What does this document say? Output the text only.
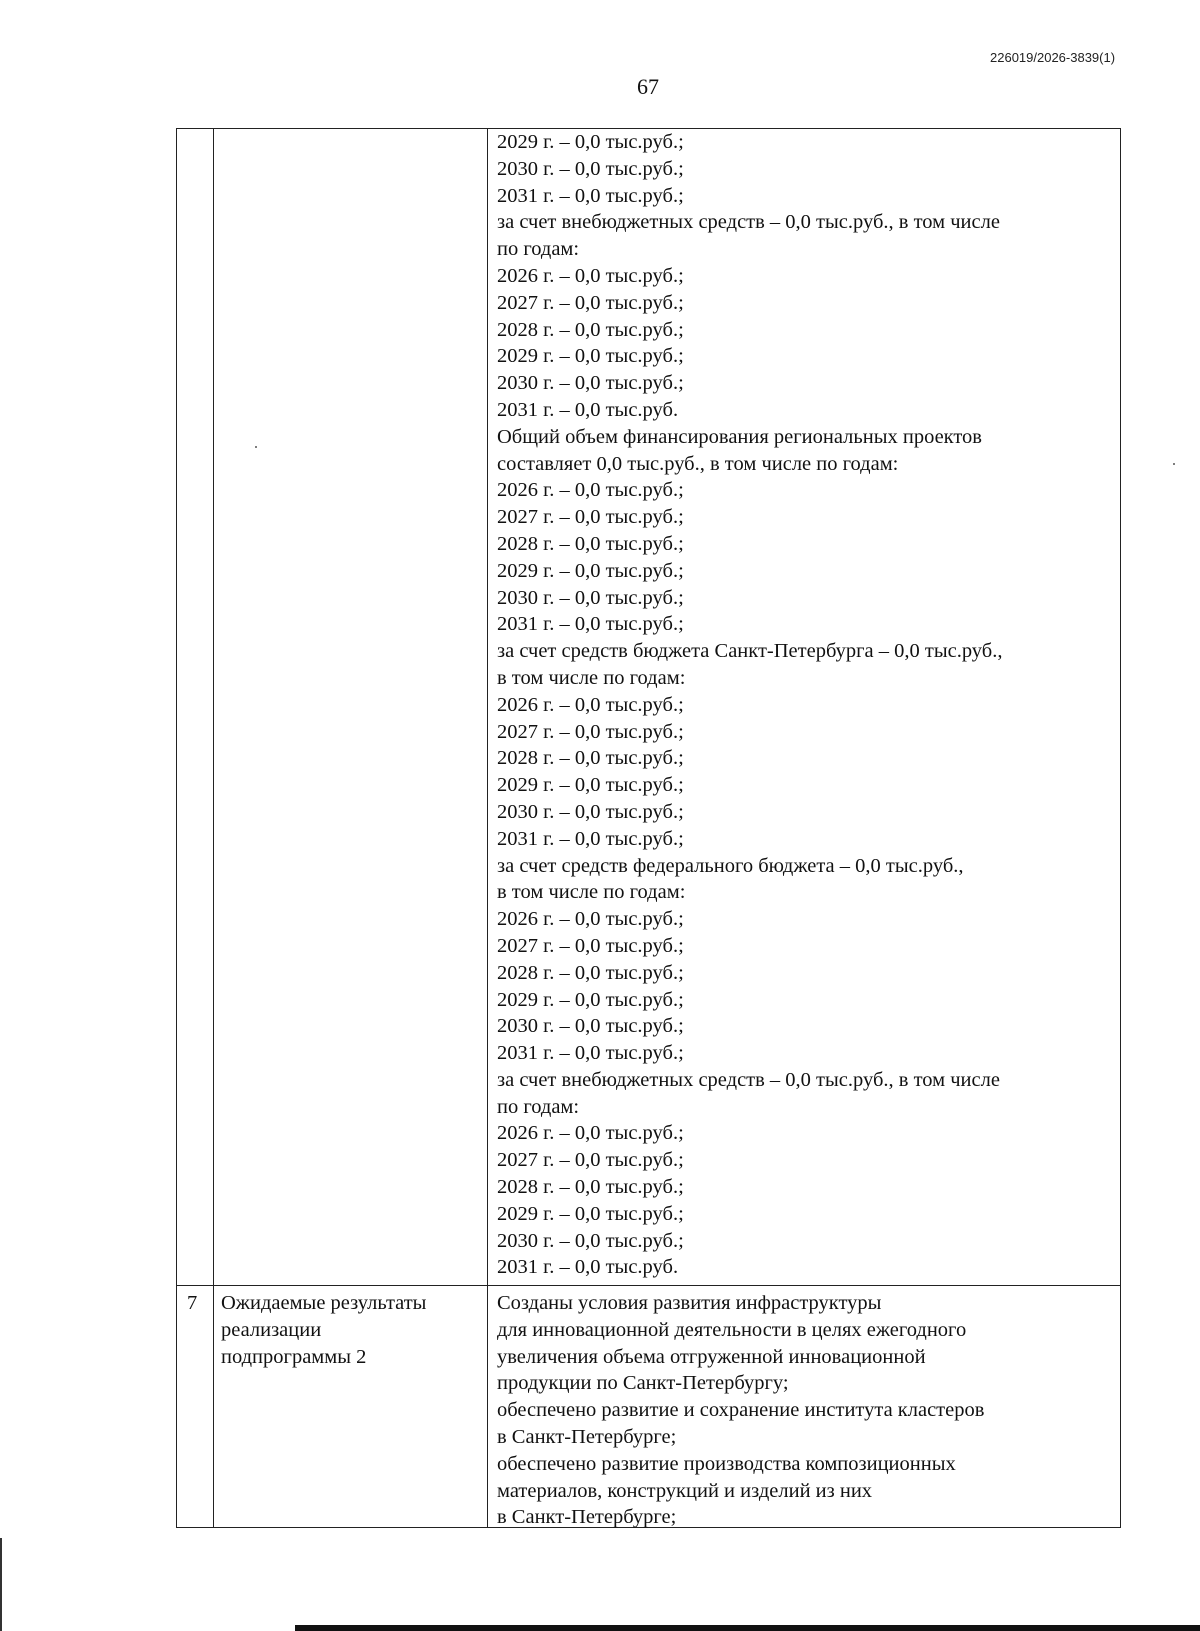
226019/2026-3839(1)
67
2029 г. – 0,0 тыс.руб.;
2030 г. – 0,0 тыс.руб.;
2031 г. – 0,0 тыс.руб.;
за счет внебюджетных средств – 0,0 тыс.руб., в том числе
по годам:
2026 г. – 0,0 тыс.руб.;
2027 г. – 0,0 тыс.руб.;
2028 г. – 0,0 тыс.руб.;
2029 г. – 0,0 тыс.руб.;
2030 г. – 0,0 тыс.руб.;
2031 г. – 0,0 тыс.руб.
Общий объем финансирования региональных проектов
составляет 0,0 тыс.руб., в том числе по годам:
2026 г. – 0,0 тыс.руб.;
2027 г. – 0,0 тыс.руб.;
2028 г. – 0,0 тыс.руб.;
2029 г. – 0,0 тыс.руб.;
2030 г. – 0,0 тыс.руб.;
2031 г. – 0,0 тыс.руб.;
за счет средств бюджета Санкт-Петербурга – 0,0 тыс.руб.,
в том числе по годам:
2026 г. – 0,0 тыс.руб.;
2027 г. – 0,0 тыс.руб.;
2028 г. – 0,0 тыс.руб.;
2029 г. – 0,0 тыс.руб.;
2030 г. – 0,0 тыс.руб.;
2031 г. – 0,0 тыс.руб.;
за счет средств федерального бюджета – 0,0 тыс.руб.,
в том числе по годам:
2026 г. – 0,0 тыс.руб.;
2027 г. – 0,0 тыс.руб.;
2028 г. – 0,0 тыс.руб.;
2029 г. – 0,0 тыс.руб.;
2030 г. – 0,0 тыс.руб.;
2031 г. – 0,0 тыс.руб.;
за счет внебюджетных средств – 0,0 тыс.руб., в том числе
по годам:
2026 г. – 0,0 тыс.руб.;
2027 г. – 0,0 тыс.руб.;
2028 г. – 0,0 тыс.руб.;
2029 г. – 0,0 тыс.руб.;
2030 г. – 0,0 тыс.руб.;
2031 г. – 0,0 тыс.руб.
7 Ожидаемые результаты
реализации
подпрограммы 2
Созданы условия развития инфраструктуры
для инновационной деятельности в целях ежегодного
увеличения объема отгруженной инновационной
продукции по Санкт-Петербургу;
обеспечено развитие и сохранение института кластеров
в Санкт-Петербурге;
обеспечено развитие производства композиционных
материалов, конструкций и изделий из них
в Санкт-Петербурге;
